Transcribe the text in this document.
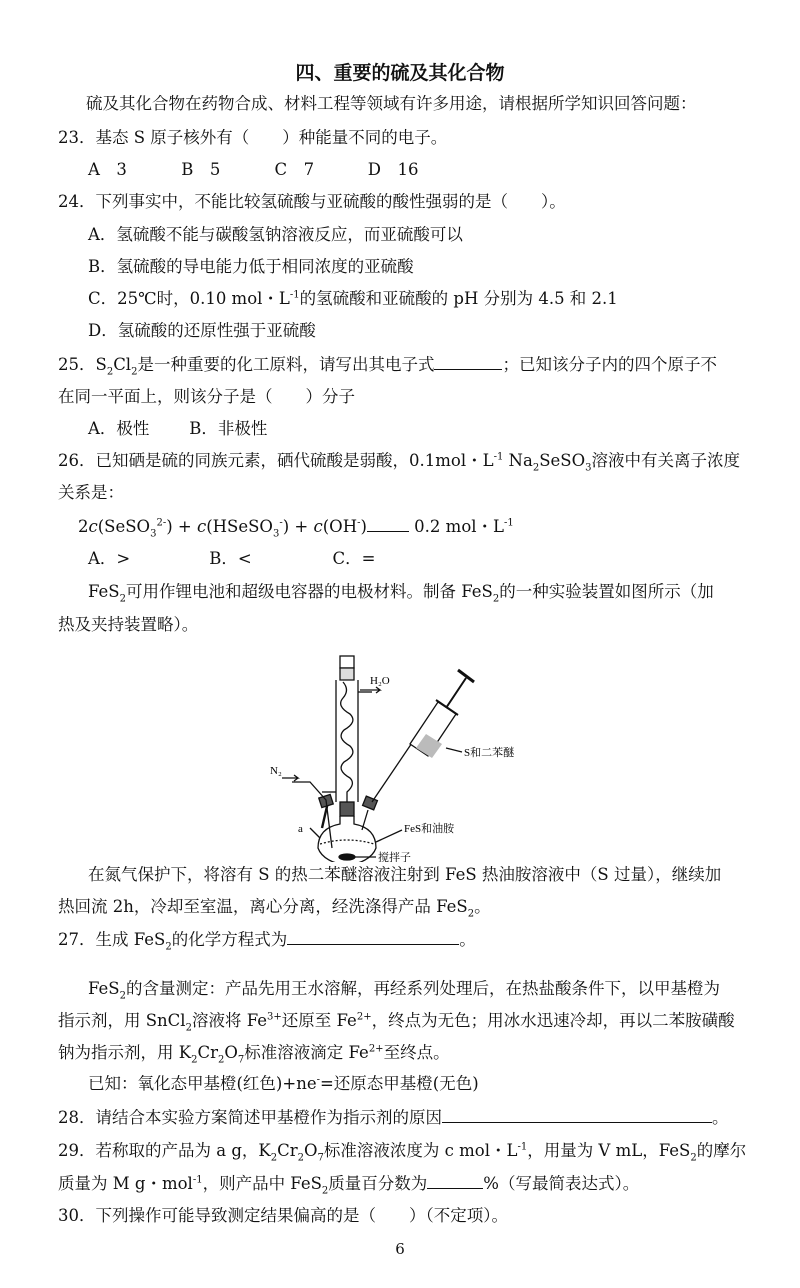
四、重要的硫及其化合物
硫及其化合物在药物合成、材料工程等领域有许多用途，请根据所学知识回答问题：
23．基态 S 原子核外有（　　）种能量不同的电子。
A　3	B　5	C　7	D　16
24．下列事实中，不能比较氢硫酸与亚硫酸的酸性强弱的是（　　）。
A．氢硫酸不能与碳酸氢钠溶液反应，而亚硫酸可以
B．氢硫酸的导电能力低于相同浓度的亚硫酸
C．25℃时，0.10 mol・$L^{-1}$的氢硫酸和亚硫酸的 pH 分别为 4.5 和 2.1
D．氢硫酸的还原性强于亚硫酸
25．$S_2Cl_2$是一种重要的化工原料，请写出其电子式	；已知该分子内的四个原子不
在同一平面上，则该分子是（　　）分子
A．极性 B．非极性
26．已知硒是硫的同族元素，硒代硫酸是弱酸，0.1mol・$L^{-1}$ $Na_2SeSO_3$溶液中有关离子浓度
关系是：
2c(SeSO$_3^{2-}$) + c(HSeSO$_3$-) + c(OH-)	0.2 mol・$L^{-1}$
A．>	B．<	C．=
FeS$_2$可用作锂电池和超级电容器的电极材料。制备 FeS$_2$的一种实验装置如图所示（加
热及夹持装置略）。
H₂O
N₂
S和二苯醚
a	FeS和油胺
搅拌子
在氮气保护下，将溶有 S 的热二苯醚溶液注射到 FeS 热油胺溶液中（S 过量），继续加
热回流 2h，冷却至室温，离心分离，经洗涤得产品 FeS$_2$。
27．生成 FeS$_2$的化学方程式为	。
FeS$_2$的含量测定：产品先用王水溶解，再经系列处理后，在热盐酸条件下，以甲基橙为
指示剂，用 SnCl$_2$溶液将 $Fe^{3+}$还原至 $Fe^{2+}$，终点为无色；用冰水迅速冷却，再以二苯胺磺酸
钠为指示剂，用 $K_2Cr_2O_7$标准溶液滴定 $Fe^{2+}$至终点。
已知：氧化态甲基橙(红色)+ne-=还原态甲基橙(无色)
28．请结合本实验方案简述甲基橙作为指示剂的原因	。
29．若称取的产品为 a g，$K_2Cr_2O_7$标准溶液浓度为 c mol・$L^{-1}$，用量为 V mL，FeS$_2$的摩尔
质量为 M g・mol$^{-1}$，则产品中 FeS$_2$质量百分数为	%（写最简表达式）。
30．下列操作可能导致测定结果偏高的是（　　）（不定项）。
6
